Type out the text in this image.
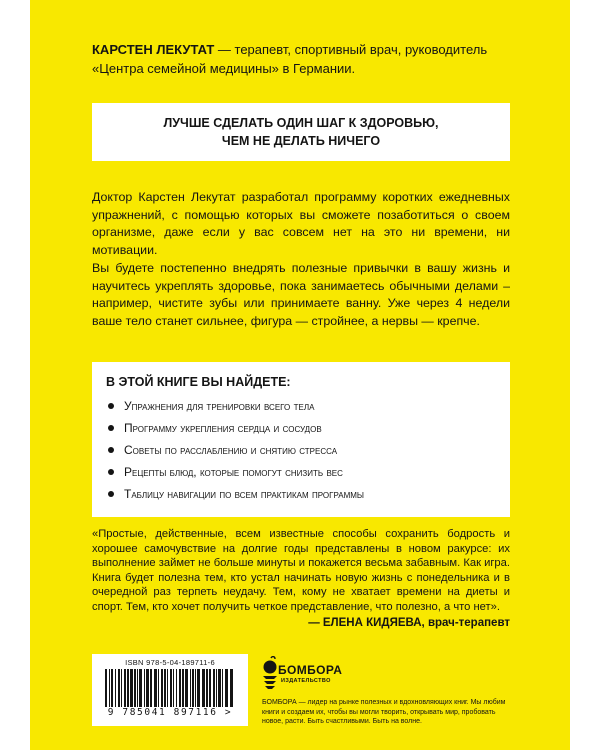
КАРСТЕН ЛЕКУТАТ — терапевт, спортивный врач, руководитель «Центра семейной медицины» в Германии.
ЛУЧШЕ СДЕЛАТЬ ОДИН ШАГ К ЗДОРОВЬЮ,
ЧЕМ НЕ ДЕЛАТЬ НИЧЕГО
Доктор Карстен Лекутат разработал программу коротких ежедневных упражнений, с помощью которых вы сможете позаботиться о своем организме, даже если у вас совсем нет на это ни времени, ни мотивации.
Вы будете постепенно внедрять полезные привычки в вашу жизнь и научитесь укреплять здоровье, пока занимаетесь обычными делами – например, чистите зубы или принимаете ванну. Уже через 4 недели ваше тело станет сильнее, фигура — стройнее, а нервы — крепче.
В ЭТОЙ КНИГЕ ВЫ НАЙДЕТЕ:
Упражнения для тренировки всего тела
Программу укрепления сердца и сосудов
Советы по расслаблению и снятию стресса
Рецепты блюд, которые помогут снизить вес
Таблицу навигации по всем практикам программы
«Простые, действенные, всем известные способы сохранить бодрость и хорошее самочувствие на долгие годы представлены в новом ракурсе: их выполнение займет не больше минуты и покажется весьма забавным. Как игра. Книга будет полезна тем, кто устал начинать новую жизнь с понедельника и в очередной раз терпеть неудачу. Тем, кому не хватает времени на диеты и спорт. Тем, кто хочет получить четкое представление, что полезно, а что нет».
— ЕЛЕНА КИДЯЕВА, врач-терапевт
ISBN 978-5-04-189711-6
9 785041 897116 >
БОМБОРА
ИЗДАТЕЛЬСТВО
БОМБОРА — лидер на рынке полезных и вдохновляющих книг. Мы любим книги и создаем их, чтобы вы могли творить, открывать мир, пробовать новое, расти. Быть счастливыми. Быть на волне.
